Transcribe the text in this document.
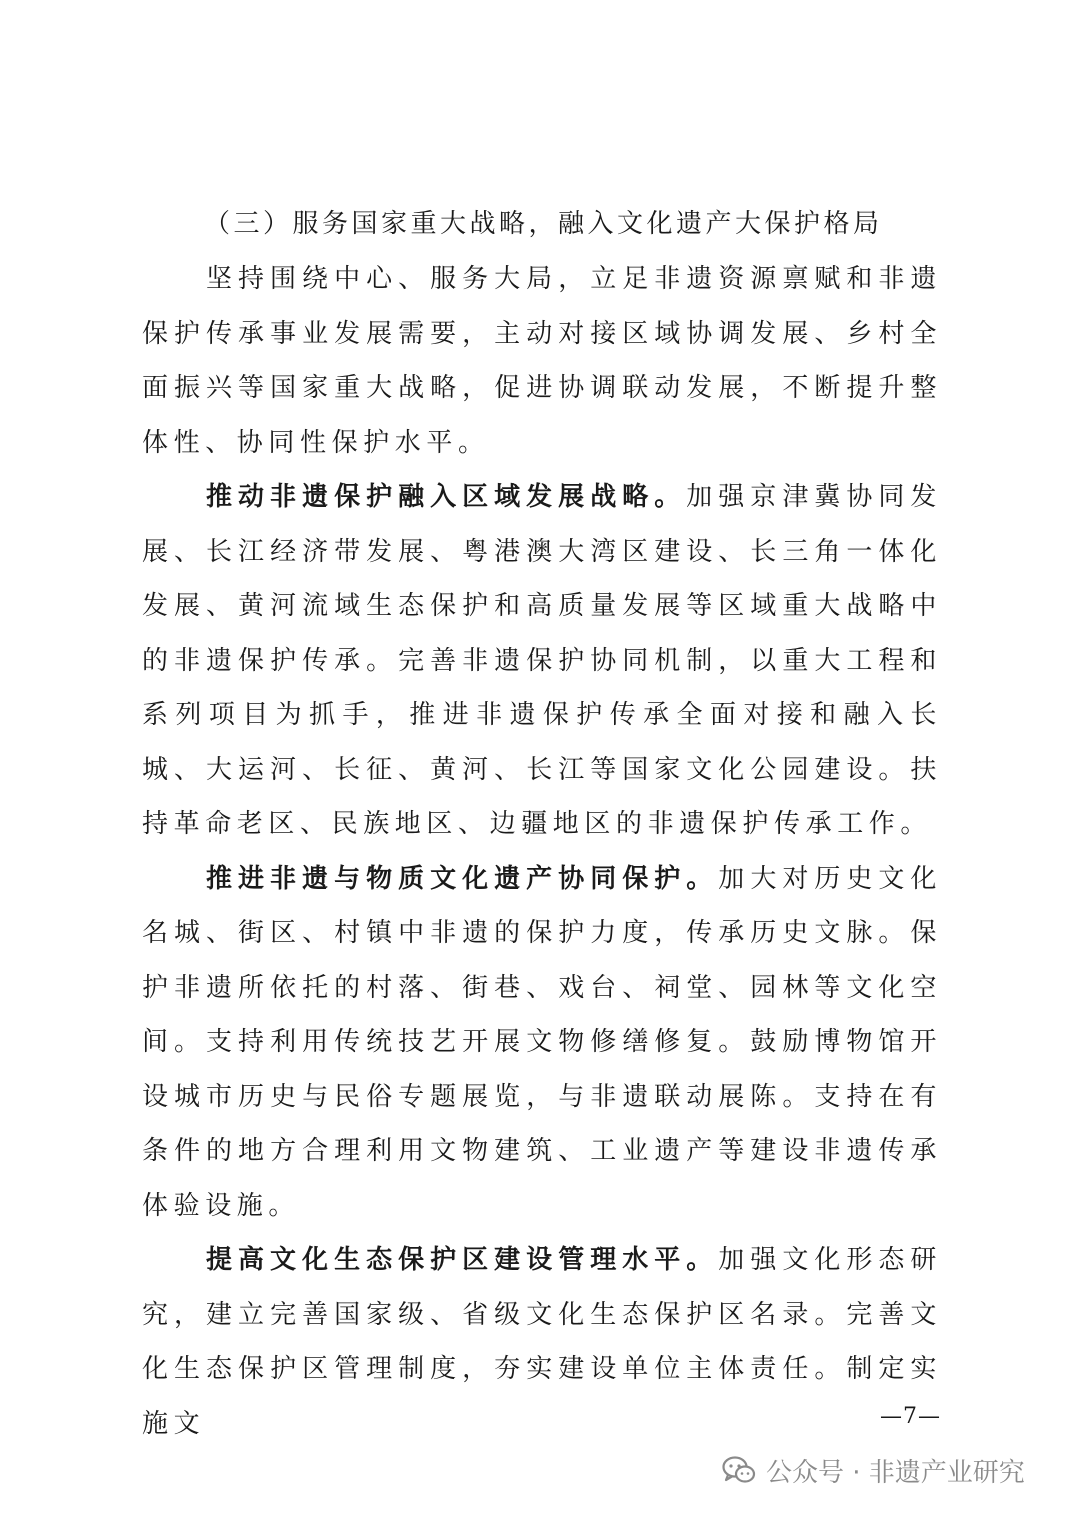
（三）服务国家重大战略，融入文化遗产大保护格局

坚持围绕中心、服务大局，立足非遗资源禀赋和非遗保护传承事业发展需要，主动对接区域协调发展、乡村全面振兴等国家重大战略，促进协调联动发展，不断提升整体性、协同性保护水平。

推动非遗保护融入区域发展战略。加强京津冀协同发展、长江经济带发展、粤港澳大湾区建设、长三角一体化发展、黄河流域生态保护和高质量发展等区域重大战略中的非遗保护传承。完善非遗保护协同机制，以重大工程和系列项目为抓手，推进非遗保护传承全面对接和融入长城、大运河、长征、黄河、长江等国家文化公园建设。扶持革命老区、民族地区、边疆地区的非遗保护传承工作。

推进非遗与物质文化遗产协同保护。加大对历史文化名城、街区、村镇中非遗的保护力度，传承历史文脉。保护非遗所依托的村落、街巷、戏台、祠堂、园林等文化空间。支持利用传统技艺开展文物修缮修复。鼓励博物馆开设城市历史与民俗专题展览，与非遗联动展陈。支持在有条件的地方合理利用文物建筑、工业遗产等建设非遗传承体验设施。

提高文化生态保护区建设管理水平。加强文化形态研究，建立完善国家级、省级文化生态保护区名录。完善文化生态保护区管理制度，夯实建设单位主体责任。制定实施文	—7—
公众号 · 非遗产业研究
